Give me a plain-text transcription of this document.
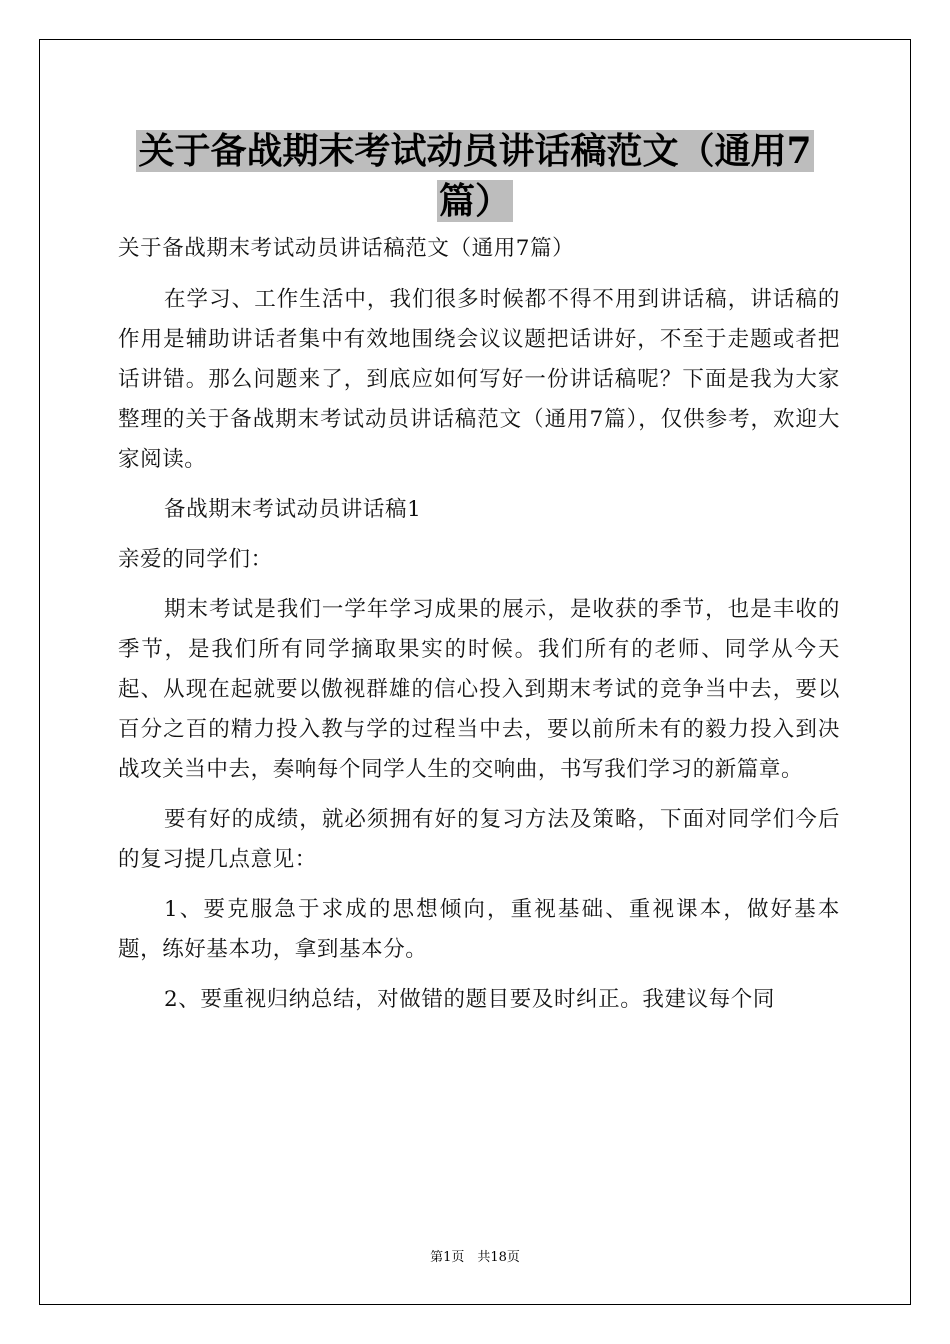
关于备战期末考试动员讲话稿范文（通用7
篇）

关于备战期末考试动员讲话稿范文（通用7篇）

在学习、工作生活中，我们很多时候都不得不用到讲话稿，讲话稿的作用是辅助讲话者集中有效地围绕会议议题把话讲好，不至于走题或者把话讲错。那么问题来了，到底应如何写好一份讲话稿呢？下面是我为大家整理的关于备战期末考试动员讲话稿范文（通用7篇），仅供参考，欢迎大家阅读。

备战期末考试动员讲话稿1

亲爱的同学们：

期末考试是我们一学年学习成果的展示，是收获的季节，也是丰收的季节，是我们所有同学摘取果实的时候。我们所有的老师、同学从今天起、从现在起就要以傲视群雄的信心投入到期末考试的竞争当中去，要以百分之百的精力投入教与学的过程当中去，要以前所未有的毅力投入到决战攻关当中去，奏响每个同学人生的交响曲，书写我们学习的新篇章。

要有好的成绩，就必须拥有好的复习方法及策略，下面对同学们今后的复习提几点意见：

1、要克服急于求成的思想倾向，重视基础、重视课本，做好基本题，练好基本功，拿到基本分。

2、要重视归纳总结，对做错的题目要及时纠正。我建议每个同

第1页　共18页
